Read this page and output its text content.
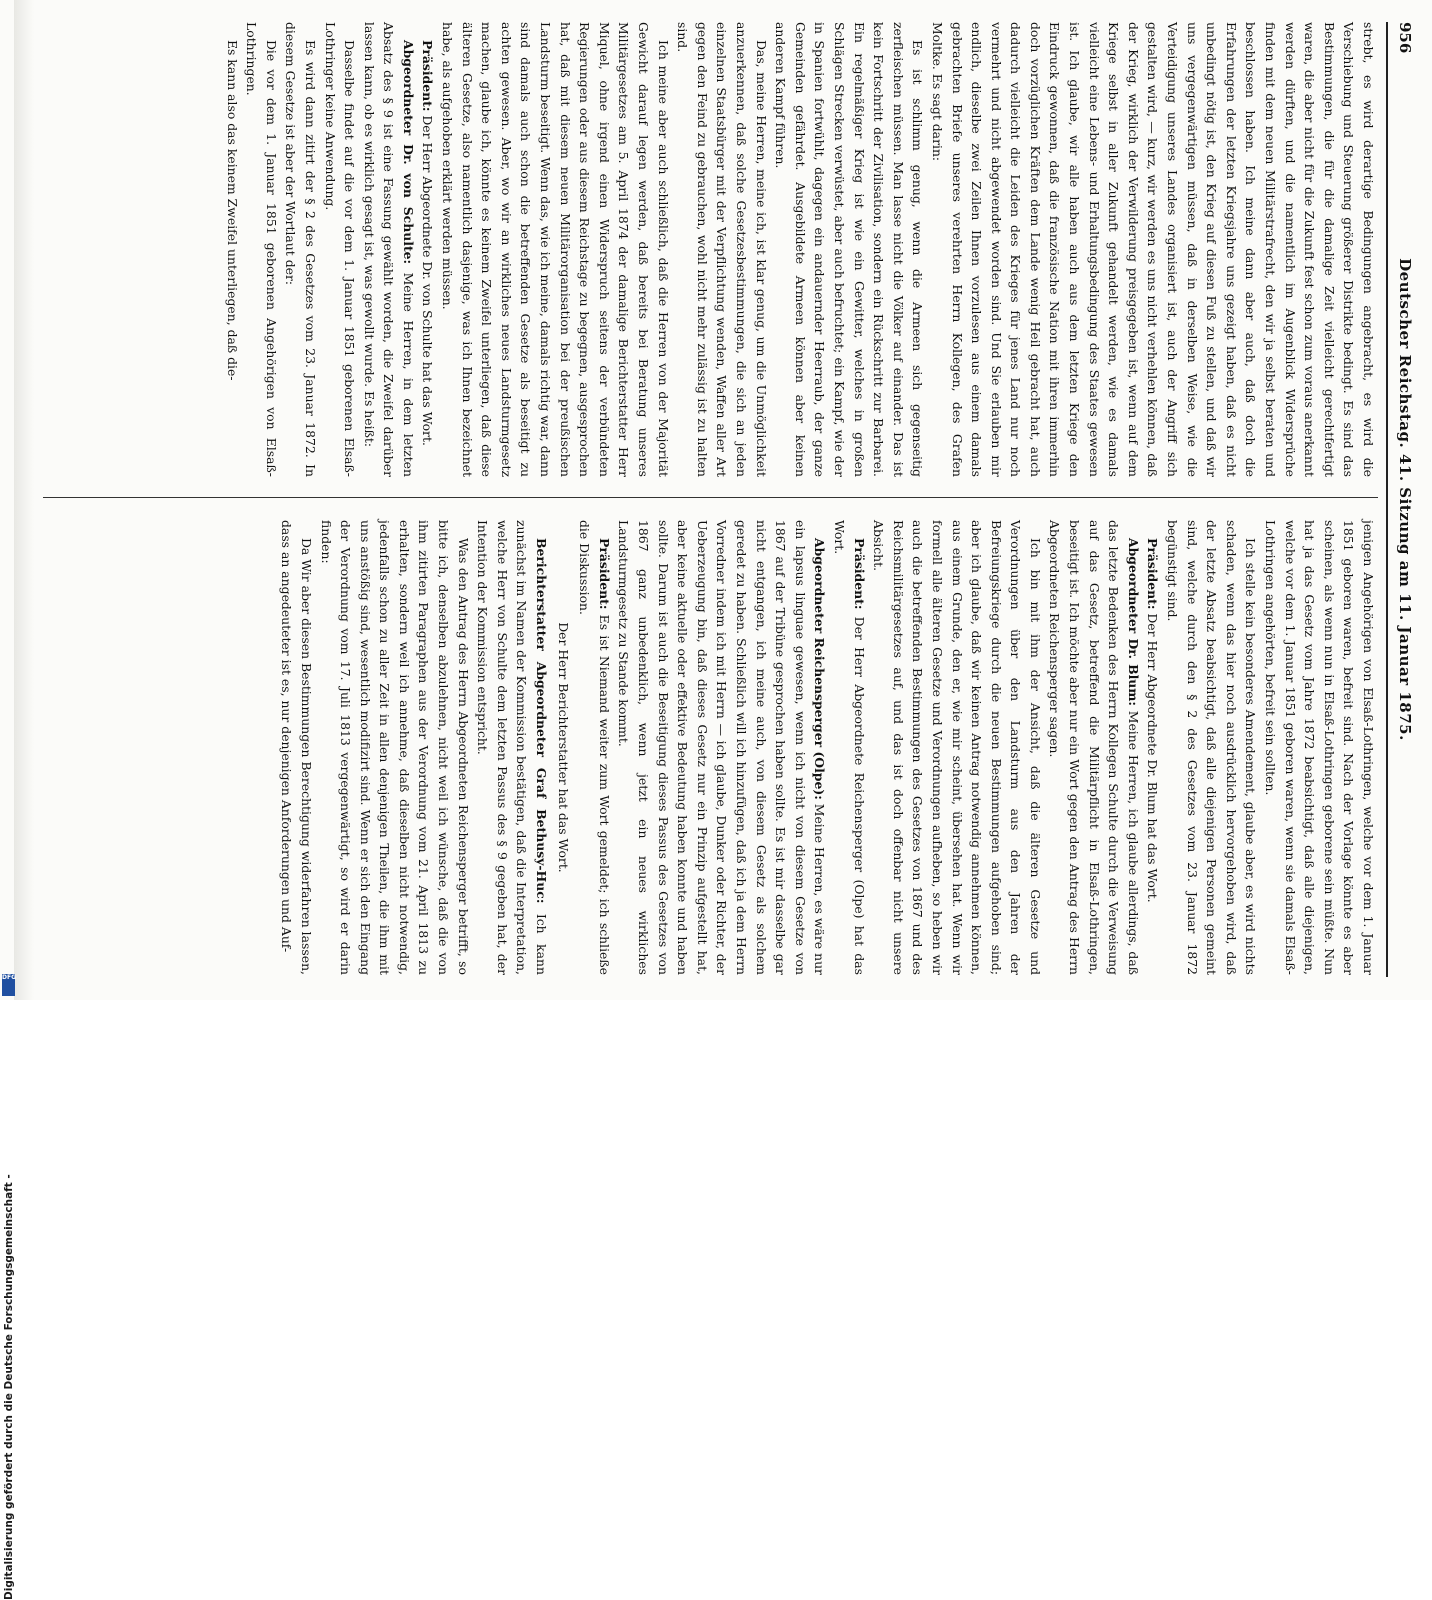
956
Deutscher Reichstag. 41. Sitzung am 11. Januar 1875.

strebt, es wird derartige Bedingungen angebracht, es wird die Verschiebung und Steuerung größerer Distrikte bedingt. Es sind das Bestimmungen, die für die damalige Zeit vielleicht gerechtfertigt waren, die aber nicht für die Zukunft fest schon zum voraus anerkannt werden dürften, und die namentlich im Augenblick Widersprüche finden mit dem neuen Militärstrafrecht, den wir ja selbst beraten und beschlossen haben. Ich meine dann aber auch, daß doch die Erfahrungen der letzten Kriegsjahre uns gezeigt haben, daß es nicht unbedingt nötig ist, den Krieg auf diesen Fuß zu stellen, und daß wir uns vergegenwärtigen müssen, daß in derselben Weise, wie die Verteidigung unseres Landes organisiert ist, auch der Angriff sich gestalten wird, — kurz, wir werden es uns nicht verhehlen können, daß der Krieg, wirklich der Verwilderung preisgegeben ist, wenn auf dem Kriege selbst in aller Zukunft gehandelt werden, wie es damals vielleicht eine Lebens- und Erhaltungsbedingung des Staates gewesen ist. Ich glaube, wir alle haben auch aus dem letzten Kriege den Eindruck gewonnen, daß die französische Nation mit ihren immerhin doch vorzüglichen Kräften dem Lande wenig Heil gebracht hat, auch dadurch vielleicht die Leiden des Krieges für jenes Land nur noch vermehrt und nicht abgewendet worden sind. Und Sie erlauben mir endlich, dieselbe zwei Zeilen Ihnen vorzulesen aus einem damals gebrachten Briefe unseres verehrten Herrn Kollegen, des Grafen Moltke. Es sagt darin:

Es ist schlimm genug, wenn die Armeen sich gegenseitig zerfleischen müssen. Man lasse nicht die Völker auf einander. Das ist kein Fortschritt der Zivilisation, sondern ein Rückschritt zur Barbarei. Ein regelmäßiger Krieg ist wie ein Gewitter, welches in großen Schlägen Strecken verwüstet, aber auch befruchtet; ein Kampf, wie der in Spanien fortwühlt, dagegen ein andauernder Heerraub, der ganze Gemeinden gefährdet. Ausgebildete Armeen können aber keinen anderen Kampf führen.

Das, meine Herren, meine ich, ist klar genug, um die Unmöglichkeit anzuerkennen, daß solche Gesetzesbestimmungen, die sich an jeden einzelnen Staatsbürger mit der Verpflichtung wenden, Waffen aller Art gegen den Feind zu gebrauchen, wohl nicht mehr zulässig ist zu halten sind.

Ich meine aber auch schließlich, daß die Herren von der Majorität Gewicht darauf legen werden, daß bereits bei Beratung unseres Militärgesetzes am 5. April 1874 der damalige Berichterstatter Herr Miquel, ohne irgend einen Widerspruch seitens der verbündeten Regierungen oder aus diesem Reichstage zu begegnen, ausgesprochen hat, daß mit diesem neuen Militärorganisation bei der preußischen Landsturm beseitigt. Wenn das, wie ich meine, damals richtig war, dann sind damals auch schon die betreffenden Gesetze als beseitigt zu achten gewesen. Aber, wo wir an wirkliches neues Landsturmgesetz machen, glaube ich, könnte es keinem Zweifel unterliegen, daß diese älteren Gesetze, also namentlich dasjenige, was ich Ihnen bezeichnet habe, als aufgehoben erklärt werden müssen.

Präsident: Der Herr Abgeordnete Dr. von Schulte hat das Wort.

Abgeordneter Dr. von Schulte: Meine Herren, in dem letzten Absatz des § 9 ist eine Fassung gewählt worden, die Zweifel darüber lassen kann, ob es wirklich gesagt ist, was gewollt wurde. Es heißt:

Dasselbe findet auf die vor dem 1. Januar 1851 geborenen Elsaß-Lothringer keine Anwendung.

Es wird dann zitirt der § 2 des Gesetzes vom 23. Januar 1872. In diesem Gesetze ist aber der Wortlaut der:

Die vor dem 1. Januar 1851 geborenen Angehörigen von Elsaß-Lothringen.

Es kann also das keinem Zweifel unterliegen, daß die-

jenigen Angehörigen von Elsaß-Lothringen, welche vor dem 1. Januar 1851 geboren waren, befreit sind. Nach der Vorlage könnte es aber scheinen, als wenn nun in Elsaß-Lothringen geborene sein müßte. Nun hat ja das Gesetz vom Jahre 1872 beabsichtigt, daß alle diejenigen, welche vor dem 1. Januar 1851 geboren waren, wenn sie damals Elsaß-Lothringen angehörten, befreit sein sollten.

Ich stelle kein besonderes Amendement, glaube aber, es wird nichts schaden, wenn das hier noch ausdrücklich hervorgehoben wird, daß der letzte Absatz beabsichtigt, daß alle diejenigen Personen gemeint sind, welche durch den § 2 des Gesetzes vom 23. Januar 1872 begünstigt sind.

Präsident: Der Herr Abgeordnete Dr. Blum hat das Wort.

Abgeordneter Dr. Blum: Meine Herren, ich glaube allerdings, daß das letzte Bedenken des Herrn Kollegen Schulte durch die Verweisung auf das Gesetz, betreffend die Militärpflicht in Elsaß-Lothringen, beseitigt ist. Ich möchte aber nur ein Wort gegen den Antrag des Herrn Abgeordneten Reichensperger sagen.

Ich bin mit ihm der Ansicht, daß die älteren Gesetze und Verordnungen über den Landsturm aus den Jahren der Befreiungskriege durch die neuen Bestimmungen aufgehoben sind; aber ich glaube, daß wir keinen Antrag notwendig annehmen können, aus einem Grunde, den er, wie mir scheint, übersehen hat. Wenn wir formell alle älteren Gesetze und Verordnungen aufheben, so heben wir auch die betreffenden Bestimmungen des Gesetzes von 1867 und des Reichsmilitärgesetzes auf, und das ist doch offenbar nicht unsere Absicht.

Präsident: Der Herr Abgeordnete Reichensperger (Olpe) hat das Wort.

Abgeordneter Reichensperger (Olpe): Meine Herren, es wäre nur ein lapsus linguae gewesen, wenn ich nicht von diesem Gesetze von 1867 auf der Tribüne gesprochen haben sollte. Es ist mir dasselbe gar nicht entgangen, ich meine auch, von diesem Gesetz als solchem geredet zu haben. Schließlich will ich hinzufügen, daß ich ja dem Herrn Vorredner indem ich mit Herrn — ich glaube, Dunker oder Richter, der Ueberzeugung bin, daß dieses Gesetz nur ein Prinzip aufgestellt hat, aber keine aktuelle oder effektive Bedeutung haben konnte und haben sollte. Darum ist auch die Beseitigung dieses Passus des Gesetzes von 1867 ganz unbedenklich, wenn jetzt ein neues wirkliches Landsturmgesetz zu Stande kommt.

Präsident: Es ist Niemand weiter zum Wort gemeldet; ich schließe die Diskussion.

Der Herr Berichterstatter hat das Wort.

Berichterstatter Abgeordneter Graf Bethusy-Huc: Ich kann zunächst im Namen der Kommission bestätigen, daß die Interpretation, welche Herr von Schulte dem letzten Passus des § 9 gegeben hat, der Intention der Kommission entspricht.

Was den Antrag des Herrn Abgeordneten Reichensperger betrifft, so bitte ich, denselben abzulehnen, nicht weil ich wünsche, daß die von ihm zitirten Paragraphen aus der Verordnung vom 21. April 1813 zu erhalten, sondern weil ich annehme, daß dieselben nicht notwendig, jedenfalls schon zu aller Zeit in allen denjenigen Theilen, die ihm mit uns anstößig sind, wesentlich modifizirt sind. Wenn er sich den Eingang der Verordnung vom 17. Juli 1813 vergegenwärtigt, so wird er darin finden:

Da Wir aber diesen Bestimmungen Berechtigung widerfahren lassen, dass an angedeuteter ist es, nur denjenigen Anforderungen und Auf-

Digitalisierung gefördert durch die Deutsche Forschungsgemeinschaft -
DFG
